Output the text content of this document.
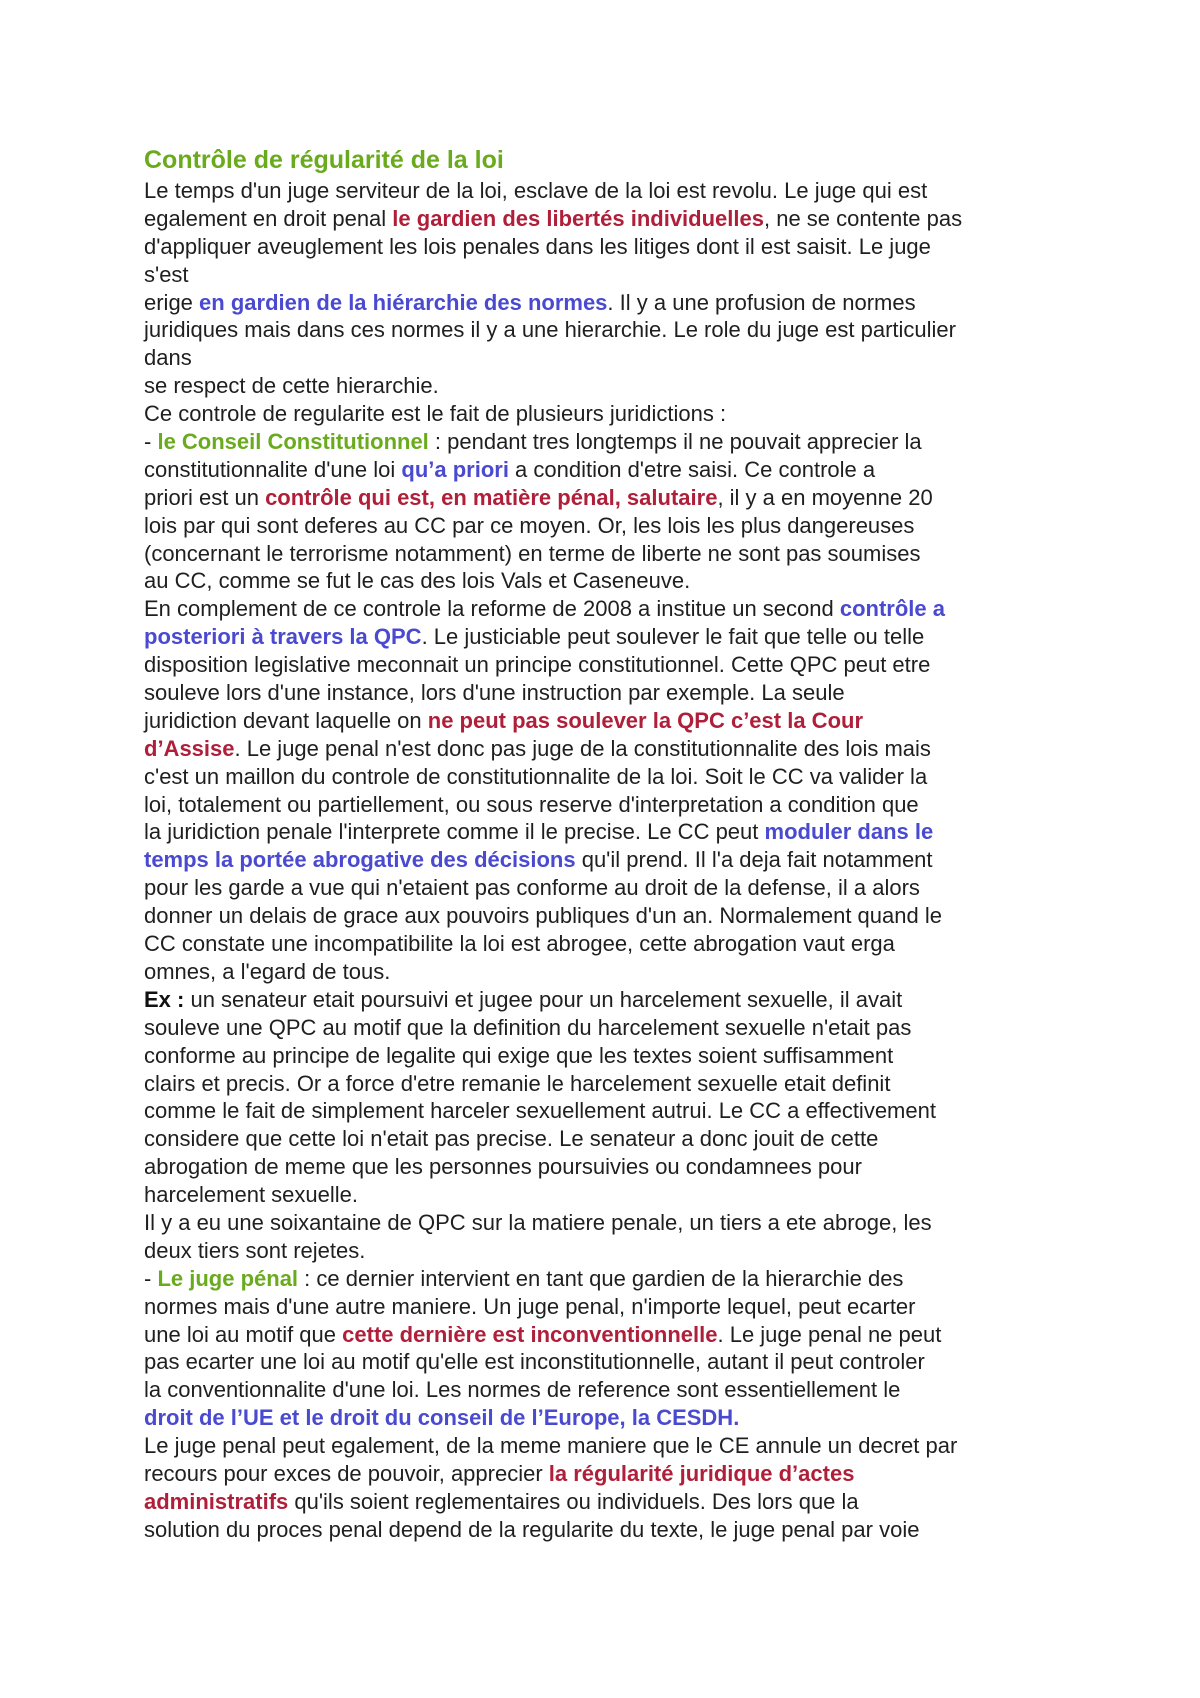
Contrôle de régularité de la loi
Le temps d'un juge serviteur de la loi, esclave de la loi est revolu. Le juge qui est
egalement en droit penal le gardien des libertés individuelles, ne se contente pas
d'appliquer aveuglement les lois penales dans les litiges dont il est saisit. Le juge
s'est
erige en gardien de la hiérarchie des normes. Il y a une profusion de normes
juridiques mais dans ces normes il y a une hierarchie. Le role du juge est particulier
dans
se respect de cette hierarchie.
Ce controle de regularite est le fait de plusieurs juridictions :
- le Conseil Constitutionnel : pendant tres longtemps il ne pouvait apprecier la
constitutionnalite d'une loi qu’a priori a condition d'etre saisi. Ce controle a
priori est un contrôle qui est, en matière pénal, salutaire, il y a en moyenne 20
lois par qui sont deferes au CC par ce moyen. Or, les lois les plus dangereuses
(concernant le terrorisme notamment) en terme de liberte ne sont pas soumises
au CC, comme se fut le cas des lois Vals et Caseneuve.
En complement de ce controle la reforme de 2008 a institue un second contrôle a
posteriori à travers la QPC. Le justiciable peut soulever le fait que telle ou telle
disposition legislative meconnait un principe constitutionnel. Cette QPC peut etre
souleve lors d'une instance, lors d'une instruction par exemple. La seule
juridiction devant laquelle on ne peut pas soulever la QPC c’est la Cour
d’Assise. Le juge penal n'est donc pas juge de la constitutionnalite des lois mais
c'est un maillon du controle de constitutionnalite de la loi. Soit le CC va valider la
loi, totalement ou partiellement, ou sous reserve d'interpretation a condition que
la juridiction penale l'interprete comme il le precise. Le CC peut moduler dans le
temps la portée abrogative des décisions qu'il prend. Il l'a deja fait notamment
pour les garde a vue qui n'etaient pas conforme au droit de la defense, il a alors
donner un delais de grace aux pouvoirs publiques d'un an. Normalement quand le
CC constate une incompatibilite la loi est abrogee, cette abrogation vaut erga
omnes, a l'egard de tous.
Ex : un senateur etait poursuivi et jugee pour un harcelement sexuelle, il avait
souleve une QPC au motif que la definition du harcelement sexuelle n'etait pas
conforme au principe de legalite qui exige que les textes soient suffisamment
clairs et precis. Or a force d'etre remanie le harcelement sexuelle etait definit
comme le fait de simplement harceler sexuellement autrui. Le CC a effectivement
considere que cette loi n'etait pas precise. Le senateur a donc jouit de cette
abrogation de meme que les personnes poursuivies ou condamnees pour
harcelement sexuelle.
Il y a eu une soixantaine de QPC sur la matiere penale, un tiers a ete abroge, les
deux tiers sont rejetes.
- Le juge pénal : ce dernier intervient en tant que gardien de la hierarchie des
normes mais d'une autre maniere. Un juge penal, n'importe lequel, peut ecarter
une loi au motif que cette dernière est inconventionnelle. Le juge penal ne peut
pas ecarter une loi au motif qu'elle est inconstitutionnelle, autant il peut controler
la conventionnalite d'une loi. Les normes de reference sont essentiellement le
droit de l’UE et le droit du conseil de l’Europe, la CESDH.
Le juge penal peut egalement, de la meme maniere que le CE annule un decret par
recours pour exces de pouvoir, apprecier la régularité juridique d’actes
administratifs qu'ils soient reglementaires ou individuels. Des lors que la
solution du proces penal depend de la regularite du texte, le juge penal par voie
